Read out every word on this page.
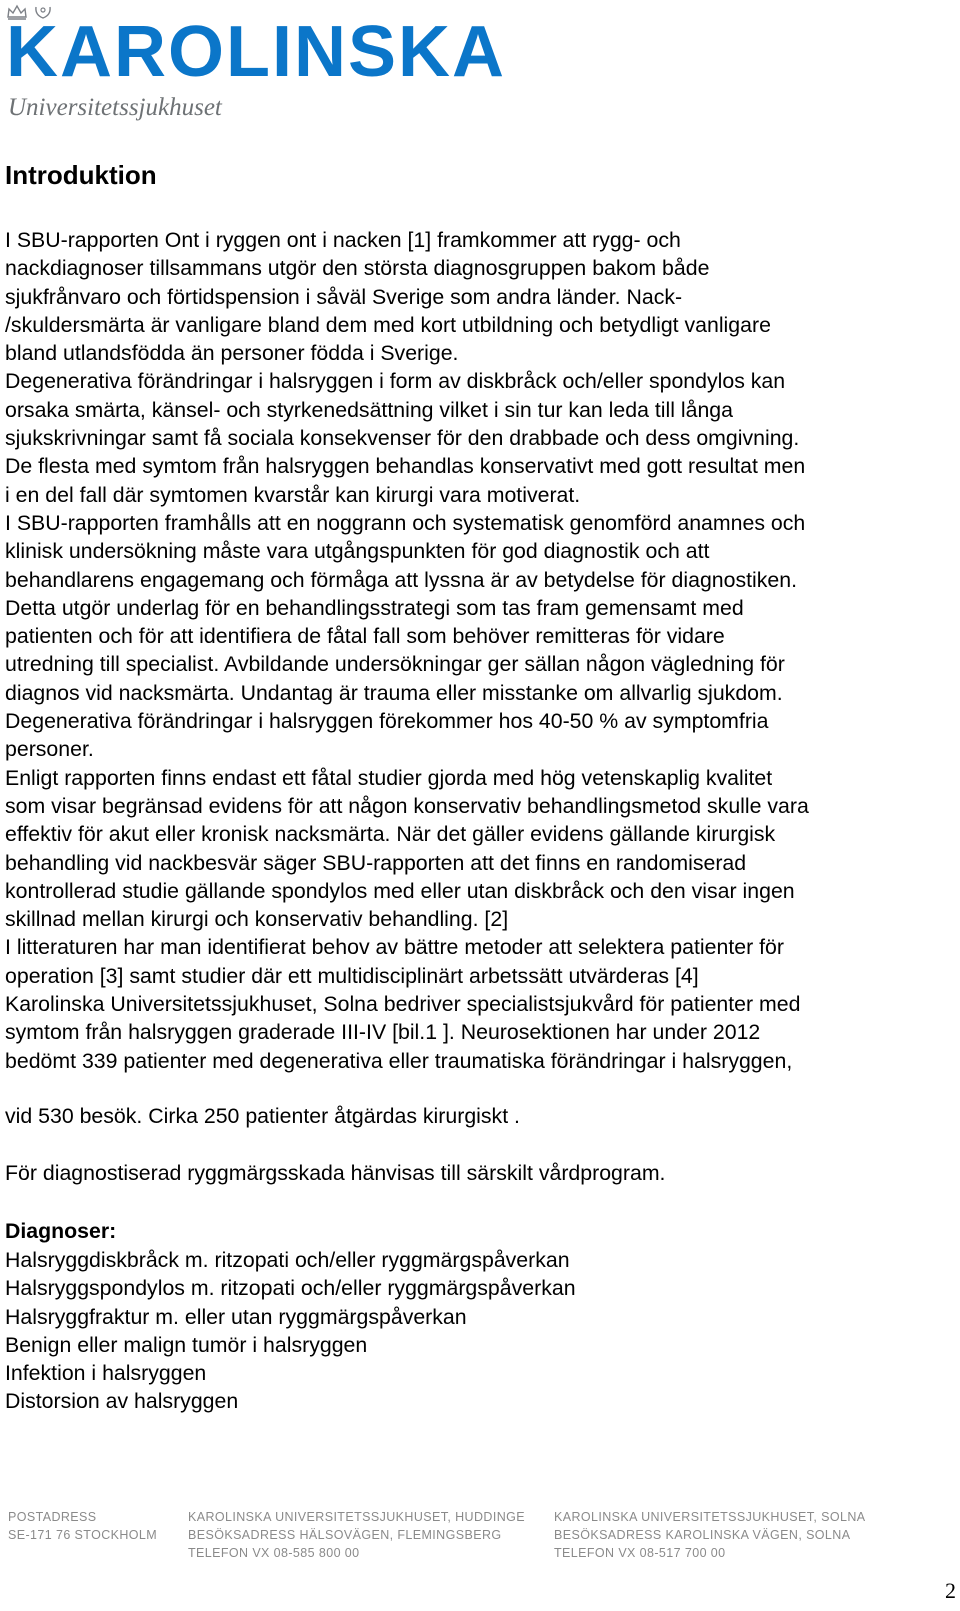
KAROLINSKA
Universitetssjukhuset
Introduktion

I SBU-rapporten Ont i ryggen ont i nacken [1] framkommer att rygg- och
nackdiagnoser tillsammans utgör den största diagnosgruppen bakom både
sjukfrånvaro och förtidspension i såväl Sverige som andra länder. Nack-
/skuldersmärta är vanligare bland dem med kort utbildning och betydligt vanligare
bland utlandsfödda än personer födda i Sverige.
Degenerativa förändringar i halsryggen i form av diskbråck och/eller spondylos kan
orsaka smärta, känsel- och styrkenedsättning vilket i sin tur kan leda till långa
sjukskrivningar samt få sociala konsekvenser för den drabbade och dess omgivning.
De flesta med symtom från halsryggen behandlas konservativt med gott resultat men
i en del fall där symtomen kvarstår kan kirurgi vara motiverat.
I SBU-rapporten framhålls att en noggrann och systematisk genomförd anamnes och
klinisk undersökning måste vara utgångspunkten för god diagnostik och att
behandlarens engagemang och förmåga att lyssna är av betydelse för diagnostiken.
Detta utgör underlag för en behandlingsstrategi som tas fram gemensamt med
patienten och för att identifiera de fåtal fall som behöver remitteras för vidare
utredning till specialist. Avbildande undersökningar ger sällan någon vägledning för
diagnos vid nacksmärta. Undantag är trauma eller misstanke om allvarlig sjukdom.
Degenerativa förändringar i halsryggen förekommer hos 40-50 % av symptomfria
personer.
Enligt rapporten finns endast ett fåtal studier gjorda med hög vetenskaplig kvalitet
som visar begränsad evidens för att någon konservativ behandlingsmetod skulle vara
effektiv för akut eller kronisk nacksmärta. När det gäller evidens gällande kirurgisk
behandling vid nackbesvär säger SBU-rapporten att det finns en randomiserad
kontrollerad studie gällande spondylos med eller utan diskbråck och den visar ingen
skillnad mellan kirurgi och konservativ behandling. [2]
I litteraturen har man identifierat behov av bättre metoder att selektera patienter för
operation [3] samt studier där ett multidisciplinärt arbetssätt utvärderas [4]
Karolinska Universitetssjukhuset, Solna bedriver specialistsjukvård för patienter med
symtom från halsryggen graderade III-IV [bil.1 ]. Neurosektionen har under 2012
bedömt 339 patienter med degenerativa eller traumatiska förändringar i halsryggen,

vid 530 besök. Cirka 250 patienter åtgärdas kirurgiskt .
För diagnostiserad ryggmärgsskada hänvisas till särskilt vårdprogram.
Diagnoser:
Halsryggdiskbråck m. ritzopati och/eller ryggmärgspåverkan
Halsryggspondylos m. ritzopati och/eller ryggmärgspåverkan
Halsryggfraktur m. eller utan ryggmärgspåverkan
Benign eller malign tumör i halsryggen
Infektion i halsryggen
Distorsion av halsryggen
POSTADRESS
SE-171 76 STOCKHOLM
KAROLINSKA UNIVERSITETSSJUKHUSET, HUDDINGE
BESÖKSADRESS HÄLSOVÄGEN, FLEMINGSBERG
TELEFON VX 08-585 800 00
KAROLINSKA UNIVERSITETSSJUKHUSET, SOLNA
BESÖKSADRESS KAROLINSKA VÄGEN, SOLNA
TELEFON VX 08-517 700 00
2
